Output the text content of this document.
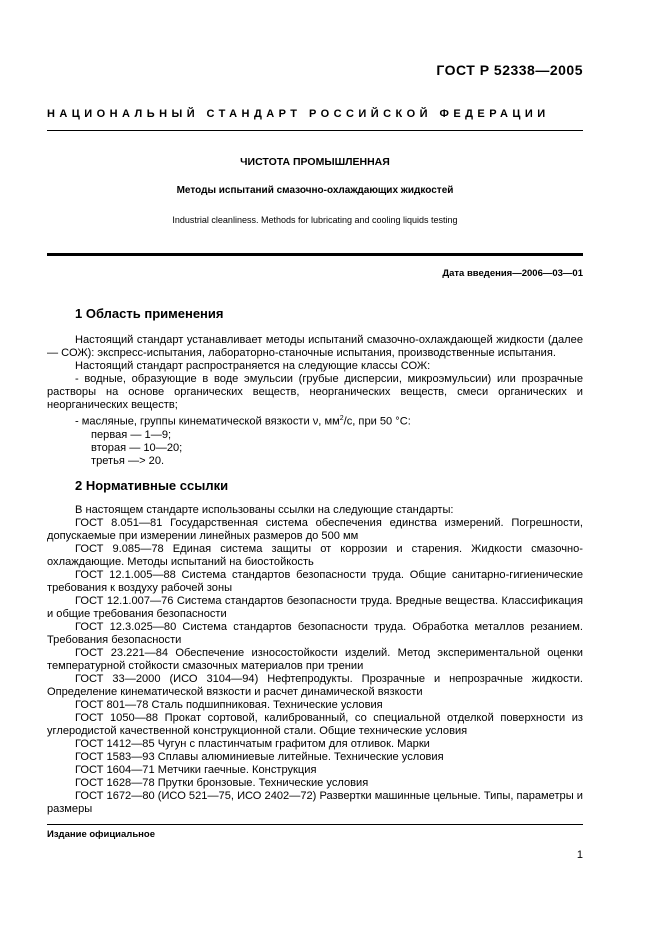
ГОСТ Р 52338—2005
НАЦИОНАЛЬНЫЙ СТАНДАРТ РОССИЙСКОЙ ФЕДЕРАЦИИ
ЧИСТОТА ПРОМЫШЛЕННАЯ
Методы испытаний смазочно-охлаждающих жидкостей
Industrial cleanliness. Methods for lubricating and cooling liquids testing
Дата введения—2006—03—01
1 Область применения

Настоящий стандарт устанавливает методы испытаний смазочно-охлаждающей жидкости (далее — СОЖ): экспресс-испытания, лабораторно-станочные испытания, производственные испытания.

Настоящий стандарт распространяется на следующие классы СОЖ:

- водные, образующие в воде эмульсии (грубые дисперсии, микроэмульсии) или прозрачные растворы на основе органических веществ, неорганических веществ, смеси органических и неорганических веществ;

- масляные, группы кинематической вязкости ν, $мм^2/с$, при 50 °С:

первая — 1—9;

вторая — 10—20;

третья —> 20.

2 Нормативные ссылки

В настоящем стандарте использованы ссылки на следующие стандарты:

ГОСТ 8.051—81 Государственная система обеспечения единства измерений. Погрешности, допускаемые при измерении линейных размеров до 500 мм

ГОСТ 9.085—78 Единая система защиты от коррозии и старения. Жидкости смазочно-охлаждающие. Методы испытаний на биостойкость

ГОСТ 12.1.005—88 Система стандартов безопасности труда. Общие санитарно-гигиенические требования к воздуху рабочей зоны

ГОСТ 12.1.007—76 Система стандартов безопасности труда. Вредные вещества. Классификация и общие требования безопасности

ГОСТ 12.3.025—80 Система стандартов безопасности труда. Обработка металлов резанием. Требования безопасности

ГОСТ 23.221—84 Обеспечение износостойкости изделий. Метод экспериментальной оценки температурной стойкости смазочных материалов при трении

ГОСТ 33—2000 (ИСО 3104—94) Нефтепродукты. Прозрачные и непрозрачные жидкости. Определение кинематической вязкости и расчет динамической вязкости

ГОСТ 801—78 Сталь подшипниковая. Технические условия

ГОСТ 1050—88 Прокат сортовой, калиброванный, со специальной отделкой поверхности из углеродистой качественной конструкционной стали. Общие технические условия

ГОСТ 1412—85 Чугун с пластинчатым графитом для отливок. Марки

ГОСТ 1583—93 Сплавы алюминиевые литейные. Технические условия

ГОСТ 1604—71 Метчики гаечные. Конструкция

ГОСТ 1628—78 Прутки бронзовые. Технические условия

ГОСТ 1672—80 (ИСО 521—75, ИСО 2402—72) Развертки машинные цельные. Типы, параметры и размеры

Издание официальное
1
